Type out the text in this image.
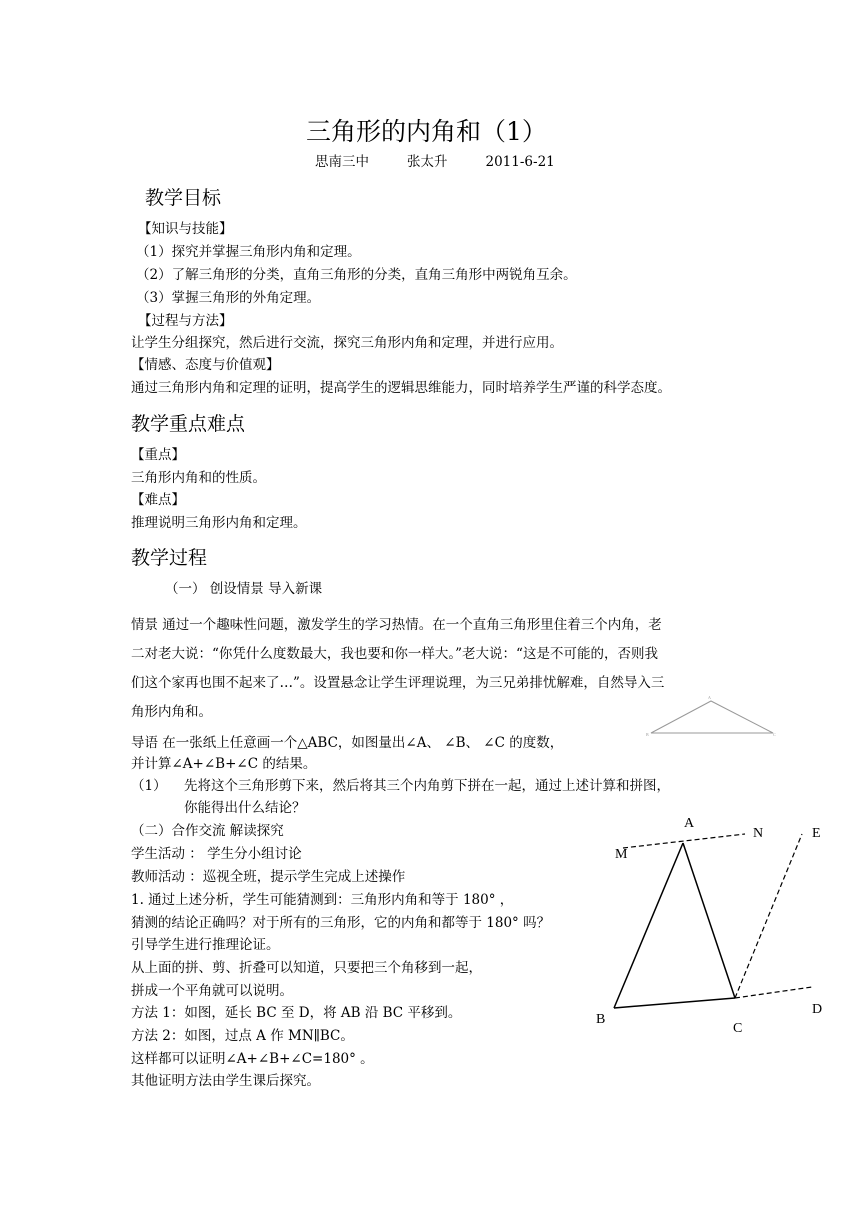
三角形的内角和（1）
思南三中	张太升	2011-6-21
教学目标
【知识与技能】
（1）探究并掌握三角形内角和定理。
（2）了解三角形的分类，直角三角形的分类，直角三角形中两锐角互余。
（3）掌握三角形的外角定理。
【过程与方法】
让学生分组探究，然后进行交流，探究三角形内角和定理，并进行应用。
【情感、态度与价值观】
通过三角形内角和定理的证明，提高学生的逻辑思维能力，同时培养学生严谨的科学态度。
教学重点难点
【重点】
三角形内角和的性质。
【难点】
推理说明三角形内角和定理。
教学过程
（一） 创设情景 导入新课
情景 通过一个趣味性问题，激发学生的学习热情。在一个直角三角形里住着三个内角，老
二对老大说：“你凭什么度数最大，我也要和你一样大。”老大说：“这是不可能的，否则我
们这个家再也围不起来了…”。设置悬念让学生评理说理，为三兄弟排忧解难，自然导入三
角形内角和。
A
B	C
导语 在一张纸上任意画一个△ABC，如图量出∠A、 ∠B、 ∠C 的度数，
并计算∠A+∠B+∠C 的结果。
（1） 先将这个三角形剪下来，然后将其三个内角剪下拼在一起，通过上述计算和拼图，
你能得出什么结论？
（二）合作交流 解读探究
学生活动 ： 学生分小组讨论
教师活动 ：巡视全班，提示学生完成上述操作
1. 通过上述分析，学生可能猜测到：三角形内角和等于 180° ，
猜测的结论正确吗？对于所有的三角形，它的内角和都等于 180° 吗？
引导学生进行推理论证。
从上面的拼、剪、折叠可以知道，只要把三个角移到一起，
拼成一个平角就可以说明。
方法 1：如图，延长 BC 至 D，将 AB 沿 BC 平移到。
方法 2：如图，过点 A 作 MN∥BC。
这样都可以证明∠A+∠B+∠C=180° 。
其他证明方法由学生课后探究。
A
N	E
M
B
C
D
